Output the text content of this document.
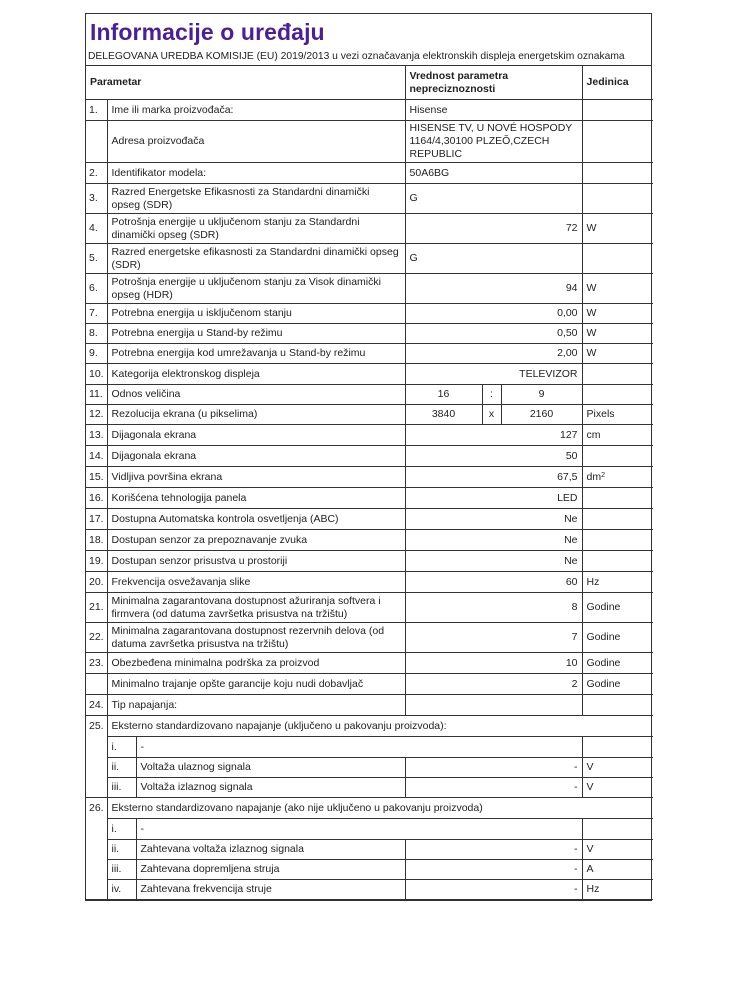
Informacije o uređaju
DELEGOVANA UREDBA KOMISIJE (EU) 2019/2013 u vezi označavanja elektronskih displeja energetskim oznakama
Parametar			Vrednost parametra nepreciznoznosti			Jedinica
1.	Ime ili marka proizvođača:		Hisense			
	Adresa proizvođača		HISENSE TV, U NOVÉ HOSPODY 1164/4,30100 PLZEŎ,CZECH REPUBLIC			
2.	Identifikator modela:		50A6BG			
3.	Razred Energetske Efikasnosti za Standardni dinamički opseg (SDR)		G			
4.	Potrošnja energije u uključenom stanju za Standardni dinamički opseg (SDR)		72			W
5.	Razred energetske efikasnosti za Standardni dinamički opseg (SDR)		G			
6.	Potrošnja energije u uključenom stanju za Visok dinamički opseg (HDR)		94			W
7.	Potrebna energija u isključenom stanju		0,00			W
8.	Potrebna energija u Stand-by režimu		0,50			W
9.	Potrebna energija kod umrežavanja u Stand-by režimu		2,00			W
10.	Kategorija elektronskog displeja		TELEVIZOR			
11.	Odnos veličina		16	:	9	
12.	Rezolucija ekrana (u pikselima)		3840	x	2160	Pixels
13.	Dijagonala ekrana		127			cm
14.	Dijagonala ekrana		50			
15.	Vidljiva površina ekrana		67,5			$dm^2$
16.	Korišćena tehnologija panela		LED			
17.	Dostupna Automatska kontrola osvetljenja (ABC)		Ne			
18.	Dostupan senzor za prepoznavanje zvuka		Ne			
19.	Dostupan senzor prisustva u prostoriji		Ne			
20.	Frekvencija osvežavanja slike		60			Hz
21.	Minimalna zagarantovana dostupnost ažuriranja softvera i firmvera (od datuma završetka prisustva na tržištu)		8			Godine
22.	Minimalna zagarantovana dostupnost rezervnih delova (od datuma završetka prisustva na tržištu)		7			Godine
23.	Obezbeđena minimalna podrška za proizvod		10			Godine
	Minimalno trajanje opšte garancije koju nudi dobavljač		2			Godine
24.	Tip napajanja:					
25.	Eksterno standardizovano napajanje (uključeno u pakovanju proizvoda):					
	i.	-				
	ii.	Voltaža ulaznog signala	-			V
	iii.	Voltaža izlaznog signala	-			V
26.	Eksterno standardizovano napajanje (ako nije uključeno u pakovanju proizvoda)					
	i.	-				
	ii.	Zahtevana voltaža izlaznog signala	-			V
	iii.	Zahtevana dopremljena struja	-			A
	iv.	Zahtevana frekvencija struje	-			Hz
